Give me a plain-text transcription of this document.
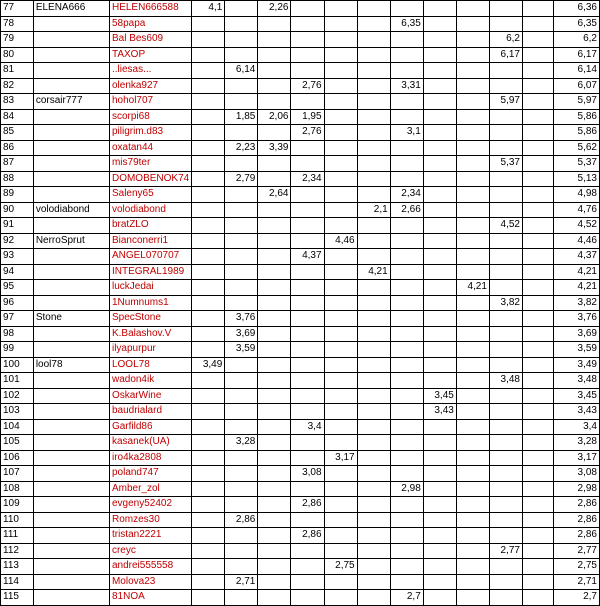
77	ELENA666	HELEN666588	4,1		2,26									6,36
78		58papa							6,35					6,35
79		Bal Bes609										6,2		6,2
80		TAXOP										6,17		6,17
81		..liesas...		6,14										6,14
82		olenka927				2,76			3,31					6,07
83	corsair777	hohol707										5,97		5,97
84		scorpi68		1,85	2,06	1,95								5,86
85		piligrim.d83				2,76			3,1					5,86
86		oxatan44		2,23	3,39									5,62
87		mis79ter										5,37		5,37
88		DOMOBENOK74		2,79		2,34								5,13
89		Saleny65			2,64				2,34					4,98
90	volodiabond	volodiabond						2,1	2,66					4,76
91		bratZLO										4,52		4,52
92	NerroSprut	Bianconerri1					4,46							4,46
93		ANGEL070707				4,37								4,37
94		INTEGRAL1989						4,21						4,21
95		luckJedai									4,21			4,21
96		1Numnums1										3,82		3,82
97	Stone	SpecStone		3,76										3,76
98		K.Balashov.V		3,69										3,69
99		ilyapurpur		3,59										3,59
100	lool78	LOOL78	3,49											3,49
101		wadon4ik										3,48		3,48
102		OskarWine								3,45				3,45
103		baudrialard								3,43				3,43
104		Garfild86				3,4								3,4
105		kasanek(UA)		3,28										3,28
106		iro4ka2808					3,17							3,17
107		poland747				3,08								3,08
108		Amber_zol							2,98					2,98
109		evgeny52402				2,86								2,86
110		Romzes30		2,86										2,86
111		tristan2221				2,86								2,86
112		creyc										2,77		2,77
113		andrei555558					2,75							2,75
114		Molova23		2,71										2,71
115		81NOA							2,7					2,7
